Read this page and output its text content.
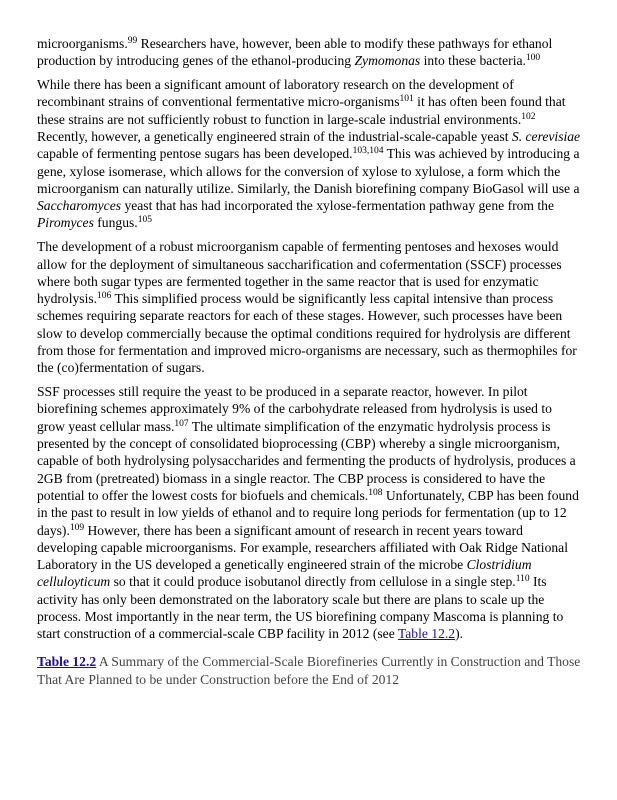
microorganisms.$^{99}$ Researchers have, however, been able to modify these pathways for ethanol production by introducing genes of the ethanol-producing Zymomonas into these bacteria.$^{100}$

While there has been a significant amount of laboratory research on the development of recombinant strains of conventional fermentative micro-organisms$^{101}$ it has often been found that these strains are not sufficiently robust to function in large-scale industrial environments.$^{102}$ Recently, however, a genetically engineered strain of the industrial-scale-capable yeast S. cerevisiae capable of fermenting pentose sugars has been developed.$^{103,104}$ This was achieved by introducing a gene, xylose isomerase, which allows for the conversion of xylose to xylulose, a form which the microorganism can naturally utilize. Similarly, the Danish biorefining company BioGasol will use a Saccharomyces yeast that has had incorporated the xylose-fermentation pathway gene from the Piromyces fungus.$^{105}$

The development of a robust microorganism capable of fermenting pentoses and hexoses would allow for the deployment of simultaneous saccharification and cofermentation (SSCF) processes where both sugar types are fermented together in the same reactor that is used for enzymatic hydrolysis.$^{106}$ This simplified process would be significantly less capital intensive than process schemes requiring separate reactors for each of these stages. However, such processes have been slow to develop commercially because the optimal conditions required for hydrolysis are different from those for fermentation and improved micro-organisms are necessary, such as thermophiles for the (co)fermentation of sugars.

SSF processes still require the yeast to be produced in a separate reactor, however. In pilot biorefining schemes approximately 9% of the carbohydrate released from hydrolysis is used to grow yeast cellular mass.$^{107}$ The ultimate simplification of the enzymatic hydrolysis process is presented by the concept of consolidated bioprocessing (CBP) whereby a single microorganism, capable of both hydrolysing polysaccharides and fermenting the products of hydrolysis, produces a 2GB from (pretreated) biomass in a single reactor. The CBP process is considered to have the potential to offer the lowest costs for biofuels and chemicals.$^{108}$ Unfortunately, CBP has been found in the past to result in low yields of ethanol and to require long periods for fermentation (up to 12 days).$^{109}$ However, there has been a significant amount of research in recent years toward developing capable microorganisms. For example, researchers affiliated with Oak Ridge National Laboratory in the US developed a genetically engineered strain of the microbe Clostridium celluloyticum so that it could produce isobutanol directly from cellulose in a single step.$^{110}$ Its activity has only been demonstrated on the laboratory scale but there are plans to scale up the process. Most importantly in the near term, the US biorefining company Mascoma is planning to start construction of a commercial-scale CBP facility in 2012 (see Table 12.2).

Table 12.2 A Summary of the Commercial-Scale Biorefineries Currently in Construction and Those That Are Planned to be under Construction before the End of 2012
